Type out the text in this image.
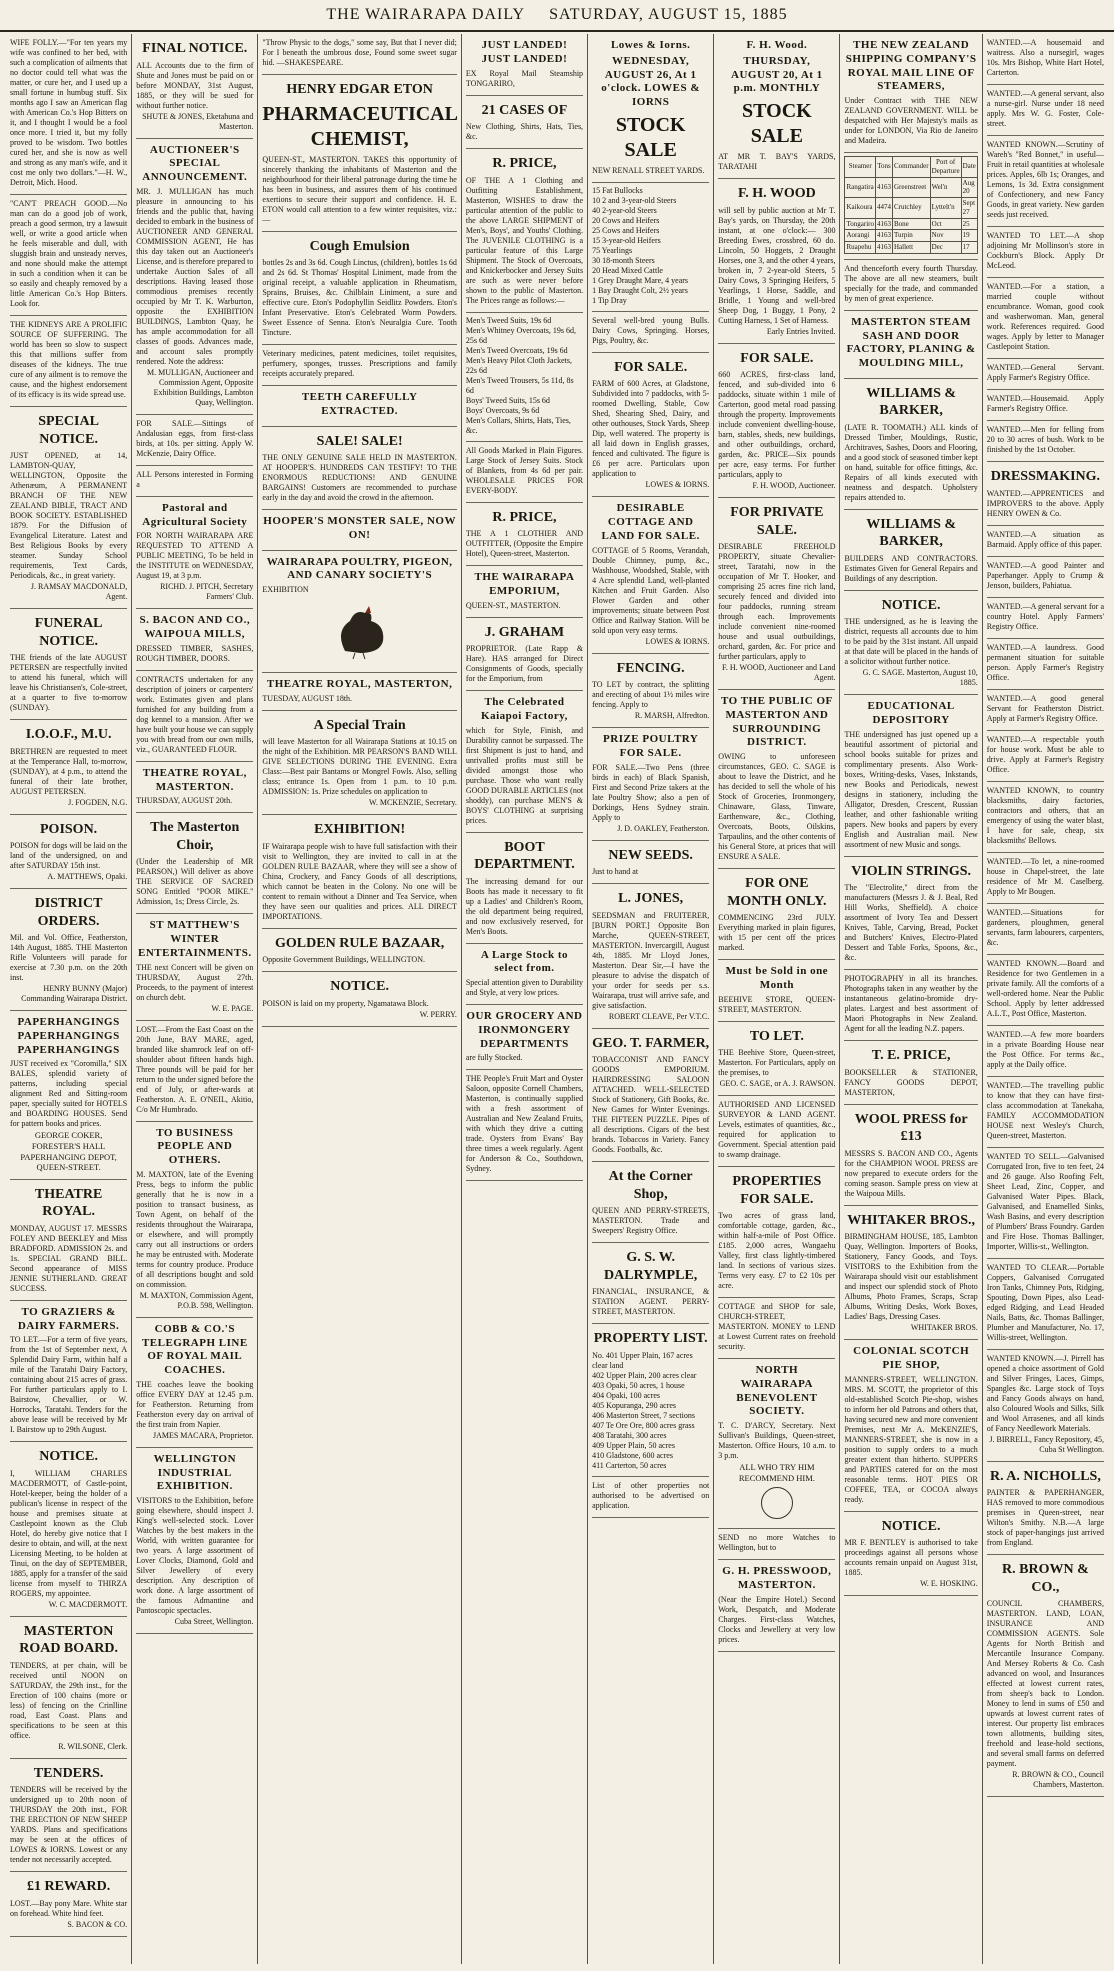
THE WAIRARAPA DAILY SATURDAY, AUGUST 15, 1885
WIFE FOLLY.—"For ten years my wife was confined to her bed, with such a complication of ailments that no doctor could tell what was the matter, or cure her, and I used up a small fortune in humbug stuff. Six months ago I saw an American flag with American Co.'s Hop Bitters on it, and I thought I would be a fool once more. I tried it, but my folly proved to be wisdom. Two bottles cured her, and she is now as well and strong as any man's wife, and it cost me only two dollars."—H. W., Detroit, Mich. Hood.
"CAN'T PREACH GOOD.—No man can do a good job of work, preach a good sermon, try a lawsuit well, or write a good article when he feels miserable and dull, with sluggish brain and unsteady nerves, and none should make the attempt in such a condition when it can be so easily and cheaply removed by a little American Co.'s Hop Bitters. Look for.
THE KIDNEYS ARE A PROLIFIC SOURCE OF SUFFERING. The world has been so slow to suspect this that millions suffer from diseases of the kidneys. The true cure of any ailment is to remove the cause, and the highest endorsement of its efficacy is its wide spread use.
SPECIAL NOTICE.
JUST OPENED, at 14, LAMBTON-QUAY, WELLINGTON, Opposite the Athenæum, A PERMANENT BRANCH OF THE NEW ZEALAND BIBLE, TRACT AND BOOK SOCIETY. ESTABLISHED 1879. For the Diffusion of Evangelical Literature. Latest and Best Religious Books by every steamer. Sunday School requirements, Text Cards, Periodicals, &c., in great variety.
J. RAMSAY MACDONALD, Agent.
FUNERAL NOTICE.
THE friends of the late AUGUST PETERSEN are respectfully invited to attend his funeral, which will leave his Christiansen's, Cole-street, at a quarter to five to-morrow (SUNDAY).
I.O.O.F., M.U.
BRETHREN are requested to meet at the Temperance Hall, to-morrow, (SUNDAY), at 4 p.m., to attend the funeral of their late brother, AUGUST PETERSEN.
J. FOGDEN, N.G.
POISON.
POISON for dogs will be laid on the land of the undersigned, on and after SATURDAY 15th inst.
A. MATTHEWS, Opaki.
DISTRICT ORDERS.
Mil. and Vol. Office, Featherston, 14th August, 1885. THE Masterton Rifle Volunteers will parade for exercise at 7.30 p.m. on the 20th inst.
HENRY BUNNY (Major) Commanding Wairarapa District.
PAPERHANGINGS PAPERHANGINGS PAPERHANGINGS
JUST received ex "Coromilla," SIX BALES, splendid variety of patterns, including special alignment Red and Sitting-room paper, specially suited for HOTELS and BOARDING HOUSES. Send for pattern books and prices.
GEORGE COKER, FORESTER'S HALL PAPERHANGING DEPOT, QUEEN-STREET.
THEATRE ROYAL.
MONDAY, AUGUST 17. MESSRS FOLEY AND BEEKLEY and Miss BRADFORD. ADMISSION 2s. and 1s. SPECIAL GRAND BILL. Second appearance of MISS JENNIE SUTHERLAND. GREAT SUCCESS.
TO GRAZIERS & DAIRY FARMERS.
TO LET.—For a term of five years, from the 1st of September next, A Splendid Dairy Farm, within half a mile of the Taratahi Dairy Factory, containing about 215 acres of grass. For further particulars apply to I. Bairstow, Chevallier, or W. Horrocks, Taratahi. Tenders for the above lease will be received by Mr I. Bairstow up to 29th August.
NOTICE.
I, WILLIAM CHARLES MACDERMOTT, of Castle-point, Hotel-keeper, being the holder of a publican's license in respect of the house and premises situate at Castlepoint known as the Club Hotel, do hereby give notice that I desire to obtain, and will, at the next Licensing Meeting, to be holden at Tinui, on the day of SEPTEMBER, 1885, apply for a transfer of the said license from myself to THIRZA ROGERS, my appointee.
W. C. MACDERMOTT.
MASTERTON ROAD BOARD.
TENDERS, at per chain, will be received until NOON on SATURDAY, the 29th inst., for the Erection of 100 chains (more or less) of fencing on the Crinlline road, East Coast. Plans and specifications to be seen at this office.
R. WILSONE, Clerk.
TENDERS.
TENDERS will be received by the undersigned up to 20th noon of THURSDAY the 20th inst., FOR THE ERECTION OF NEW SHEEP YARDS. Plans and specifications may be seen at the offices of LOWES & IORNS. Lowest or any tender not necessarily accepted.
£1 REWARD.
LOST.—Bay pony Mare. White star on forehead. White hind feet.
S. BACON & CO.
FINAL NOTICE.
ALL Accounts due to the firm of Shute and Jones must be paid on or before MONDAY, 31st August, 1885, or they will be sued for without further notice.
SHUTE & JONES, Eketahuna and Masterton.
AUCTIONEER'S SPECIAL ANNOUNCEMENT.
MR. J. MULLIGAN has much pleasure in announcing to his friends and the public that, having decided to embark in the business of AUCTIONEER AND GENERAL COMMISSION AGENT, He has this day taken out an Auctioneer's License, and is therefore prepared to undertake Auction Sales of all descriptions. Having leased those commodious premises recently occupied by Mr T. K. Warburton, opposite the EXHIBITION BUILDINGS, Lambton Quay, he has ample accommodation for all classes of goods. Advances made, and account sales promptly rendered. Note the address:
M. MULLIGAN, Auctioneer and Commission Agent, Opposite Exhibition Buildings, Lambton Quay, Wellington.
FOR SALE.—Sittings of Andalusian eggs, from first-class birds, at 10s. per sitting. Apply W. McKenzie, Dairy Office.
ALL Persons interested in Forming a
Pastoral and Agricultural Society
FOR NORTH WAIRARAPA ARE REQUESTED TO ATTEND A PUBLIC MEETING, To be held in the INSTITUTE on WEDNESDAY, August 19, at 3 p.m.
RICHD. J. PITCH, Secretary Farmers' Club.
S. BACON AND CO., WAIPOUA MILLS,
DRESSED TIMBER, SASHES, ROUGH TIMBER, DOORS.
CONTRACTS undertaken for any description of joiners or carpenters' work. Estimates given and plans furnished for any building from a dog kennel to a mansion. After we have built your house we can supply you with bread from our own mills, viz., GUARANTEED FLOUR.
THEATRE ROYAL, MASTERTON.
THURSDAY, AUGUST 20th.
The Masterton Choir,
(Under the Leadership of MR PEARSON,) Will deliver as above THE SERVICE OF SACRED SONG Entitled "POOR MIKE." Admission, 1s; Dress Circle, 2s.
ST MATTHEW'S WINTER ENTERTAINMENTS.
THE next Concert will be given on THURSDAY, August 27th. Proceeds, to the payment of interest on church debt.
W. E. PAGE.
LOST.—From the East Coast on the 20th June, BAY MARE, aged, branded like shamrock leaf on off-shoulder about fifteen hands high. Three pounds will be paid for her return to the under signed before the end of July, or after-wards at Featherston. A. E. O'NEIL, Akitio, C/o Mr Humbrado.
TO BUSINESS PEOPLE AND OTHERS.
M. MAXTON, late of the Evening Press, begs to inform the public generally that he is now in a position to transact business, as Town Agent, on behalf of the residents throughout the Wairarapa, or elsewhere, and will promptly carry out all instructions or orders he may be entrusted with. Moderate terms for country produce. Produce of all descriptions bought and sold on commission.
M. MAXTON, Commission Agent, P.O.B. 598, Wellington.
COBB & CO.'S TELEGRAPH LINE OF ROYAL MAIL COACHES.
THE coaches leave the booking office EVERY DAY at 12.45 p.m. for Featherston. Returning from Featherston every day on arrival of the first train from Napier.
JAMES MACARA, Proprietor.
WELLINGTON INDUSTRIAL EXHIBITION.
VISITORS to the Exhibition, before going elsewhere, should inspect J. King's well-selected stock. Lover Watches by the best makers in the World, with written guarantee for two years. A large assortment of Lover Clocks, Diamond, Gold and Silver Jewellery of every description. Any description of work done. A large assortment of the famous Admantine and Pantoscopic spectacles.
Cuba Street, Wellington.
"Throw Physic to the dogs," some say, But that I never did; For I beneath the umbrous dose, Found some sweet sugar hid. —SHAKESPEARE.
HENRY EDGAR ETON
PHARMACEUTICAL CHEMIST,
QUEEN-ST., MASTERTON. TAKES this opportunity of sincerely thanking the inhabitants of Masterton and the neighbourhood for their liberal patronage during the time he has been in business, and assures them of his continued exertions to secure their support and confidence. H. E. ETON would call attention to a few winter requisites, viz.:—
Cough Emulsion
bottles 2s and 3s 6d. Cough Linctus, (children), bottles 1s 6d and 2s 6d. St Thomas' Hospital Liniment, made from the original receipt, a valuable application in Rheumatism, Sprains, Bruises, &c. Chilblain Liniment, a sure and effective cure. Eton's Podophyllin Seidlitz Powders. Eton's Infant Preservative. Eton's Celebrated Worm Powders. Sweet Essence of Senna. Eton's Neuralgia Cure. Tooth Tincture.
Veterinary medicines, patent medicines, toilet requisites, perfumery, sponges, trusses. Prescriptions and family receipts accurately prepared.
TEETH CAREFULLY EXTRACTED.
SALE! SALE!
THE ONLY GENUINE SALE HELD IN MASTERTON. AT HOOPER'S. HUNDREDS CAN TESTIFY! TO THE ENORMOUS REDUCTIONS! AND GENUINE BARGAINS! Customers are recommended to purchase early in the day and avoid the crowd in the afternoon.
HOOPER'S MONSTER SALE, NOW ON!
WAIRARAPA POULTRY, PIGEON, AND CANARY SOCIETY'S
EXHIBITION
THEATRE ROYAL, MASTERTON,
TUESDAY, AUGUST 18th.
A Special Train
will leave Masterton for all Wairarapa Stations at 10.15 on the night of the Exhibition. MR PEARSON'S BAND WILL GIVE SELECTIONS DURING THE EVENING. Extra Class:—Best pair Bantams or Mongrel Fowls. Also, selling class; entrance 1s. Open from 1 p.m. to 10 p.m. ADMISSION: 1s. Prize schedules on application to
W. MCKENZIE, Secretary.
EXHIBITION!
IF Wairarapa people wish to have full satisfaction with their visit to Wellington, they are invited to call in at the GOLDEN RULE BAZAAR, where they will see a show of China, Crockery, and Fancy Goods of all descriptions, which cannot be beaten in the Colony. No one will be content to remain without a Dinner and Tea Service, when they have seen our qualities and prices. ALL DIRECT IMPORTATIONS.
GOLDEN RULE BAZAAR,
Opposite Government Buildings, WELLINGTON.
NOTICE.
POISON is laid on my property, Ngamatawa Block.
W. PERRY.
JUST LANDED! JUST LANDED!
EX Royal Mail Steamship TONGARIRO,
21 CASES OF
New Clothing, Shirts, Hats, Ties, &c.
R. PRICE,
OF THE A 1 Clothing and Outfitting Establishment, Masterton, WISHES to draw the particular attention of the public to the above LARGE SHIPMENT of Men's, Boys', and Youths' Clothing. The JUVENILE CLOTHING is a particular feature of this Large Shipment. The Stock of Overcoats, and Knickerbocker and Jersey Suits are such as were never before shown to the public of Masterton. The Prices range as follows:—
Men's Tweed Suits, 19s 6d
Men's Whitney Overcoats, 19s 6d, 25s 6d
Men's Tweed Overcoats, 19s 6d
Men's Heavy Pilot Cloth Jackets, 22s 6d
Men's Tweed Trousers, 5s 11d, 8s 6d
Boys' Tweed Suits, 15s 6d
Boys' Overcoats, 9s 6d
Men's Collars, Shirts, Hats, Ties, &c.
All Goods Marked in Plain Figures. Large Stock of Jersey Suits. Stock of Blankets, from 4s 6d per pair. WHOLESALE PRICES FOR EVERY-BODY.
R. PRICE,
THE A 1 CLOTHIER AND OUTFITTER, (Opposite the Empire Hotel), Queen-street, Masterton.
THE WAIRARAPA EMPORIUM,
QUEEN-ST., MASTERTON.
J. GRAHAM
PROPRIETOR. (Late Rapp & Hare). HAS arranged for Direct Consignments of Goods, specially for the Emporium, from
The Celebrated Kaiapoi Factory,
which for Style, Finish, and Durability cannot be surpassed. The first Shipment is just to hand, and unrivalled profits must still be divided amongst those who purchase. Those who want really GOOD DURABLE ARTICLES (not shoddy), can purchase MEN'S & BOYS' CLOTHING at surprising prices.
BOOT DEPARTMENT.
The increasing demand for our Boots has made it necessary to fit up a Ladies' and Children's Room, the old department being required, and now exclusively reserved, for Men's Boots.
A Large Stock to select from.
Special attention given to Durability and Style, at very low prices.
OUR GROCERY AND IRONMONGERY DEPARTMENTS
are fully Stocked.
THE People's Fruit Mart and Oyster Saloon, opposite Cornell Chambers, Masterton, is continually supplied with a fresh assortment of Australian and New Zealand Fruits, with which they drive a cutting trade. Oysters from Evans' Bay three times a week regularly. Agent for Anderson & Co., Southdown, Sydney.
Lowes & Iorns.
WEDNESDAY, AUGUST 26, At 1 o'clock. LOWES & IORNS
STOCK SALE
NEW RENALL STREET YARDS.
15 Fat Bullocks
10 2 and 3-year-old Steers
40 2-year-old Steers
20 Cows and Heifers
25 Cows and Heifers
15 3-year-old Heifers
75 Yearlings
30 18-month Steers
20 Head Mixed Cattle
1 Grey Draught Mare, 4 years
1 Bay Draught Colt, 2½ years
1 Tip Dray
Several well-bred young Bulls. Dairy Cows, Springing. Horses, Pigs, Poultry, &c.
FOR SALE.
FARM of 600 Acres, at Gladstone, Subdivided into 7 paddocks, with 5-roomed Dwelling, Stable, Cow Shed, Shearing Shed, Dairy, and other outhouses, Stock Yards, Sheep Dip, well watered. The property is all laid down in English grasses, fenced and cultivated. The figure is £6 per acre. Particulars upon application to
LOWES & IORNS.
DESIRABLE COTTAGE AND LAND FOR SALE.
COTTAGE of 5 Rooms, Verandah, Double Chimney, pump, &c., Washhouse, Woodshed, Stable, with 4 Acre splendid Land, well-planted Kitchen and Fruit Garden. Also Flower Garden and other improvements; situate between Post Office and Railway Station. Will be sold upon very easy terms.
LOWES & IORNS.
FENCING.
TO LET by contract, the splitting and erecting of about 1½ miles wire fencing. Apply to
R. MARSH, Alfredton.
PRIZE POULTRY FOR SALE.
FOR SALE.—Two Pens (three birds in each) of Black Spanish, First and Second Prize takers at the late Poultry Show; also a pen of Dorkings, Hens Sydney strain. Apply to
J. D. OAKLEY, Featherston.
NEW SEEDS.
Just to hand at
L. JONES,
SEEDSMAN and FRUITERER, [BURN PORT.] Opposite Bon Marche, QUEEN-STREET, MASTERTON. Invercargill, August 4th, 1885. Mr Lloyd Jones, Masterton. Dear Sir,—I have the pleasure to advise the dispatch of your order for seeds per s.s. Wairarapa, trust will arrive safe, and give satisfaction.
ROBERT CLEAVE, Per V.T.C.
GEO. T. FARMER,
TOBACCONIST AND FANCY GOODS EMPORIUM. HAIRDRESSING SALOON ATTACHED. WELL-SELECTED Stock of Stationery, Gift Books, &c. New Games for Winter Evenings. THE FIFTEEN PUZZLE. Pipes of all descriptions. Cigars of the best brands. Tobaccos in Variety. Fancy Goods. Footballs, &c.
At the Corner Shop,
QUEEN AND PERRY-STREETS, MASTERTON. Trade and Sweepers' Registry Office.
G. S. W. DALRYMPLE,
FINANCIAL, INSURANCE, & STATION AGENT. PERRY-STREET, MASTERTON.
PROPERTY LIST.
No. 401 Upper Plain, 167 acres clear land
402 Upper Plain, 200 acres clear
403 Opaki, 50 acres, 1 house
404 Opaki, 100 acres
405 Kopuranga, 290 acres
406 Masterton Street, 7 sections
407 Te Ore Ore, 800 acres grass
408 Taratahi, 300 acres
409 Upper Plain, 50 acres
410 Gladstone, 600 acres
411 Carterton, 50 acres
List of other properties not authorised to be advertised on application.
F. H. Wood.
THURSDAY, AUGUST 20, At 1 p.m. MONTHLY
STOCK SALE
AT MR T. BAY'S YARDS, TARATAHI
F. H. WOOD
will sell by public auction at Mr T. Bay's yards, on Thursday, the 20th instant, at one o'clock:— 300 Breeding Ewes, crossbred, 60 do. Lincoln, 50 Hoggets, 2 Draught Horses, one 3, and the other 4 years, broken in, 7 2-year-old Steers, 5 Dairy Cows, 3 Springing Heifers, 5 Yearlings, 1 Horse, Saddle, and Bridle, 1 Young and well-bred Sheep Dog, 1 Buggy, 1 Pony, 2 Cutting Harness, 1 Set of Harness.
Early Entries Invited.
FOR SALE.
660 ACRES, first-class land, fenced, and sub-divided into 6 paddocks, situate within 1 mile of Carterton, good metal road passing through the property. Improvements include convenient dwelling-house, barn, stables, sheds, new buildings, and other outbuildings, orchard, garden, &c. PRICE—Six pounds per acre, easy terms. For further particulars, apply to
F. H. WOOD, Auctioneer.
FOR PRIVATE SALE.
DESIRABLE FREEHOLD PROPERTY, situate Chevalier-street, Taratahi, now in the occupation of Mr T. Hooker, and comprising 25 acres fine rich land, securely fenced and divided into four paddocks, running stream through each. Improvements include convenient nine-roomed house and usual outbuildings, orchard, garden, &c. For price and further particulars, apply to
F. H. WOOD, Auctioneer and Land Agent.
TO THE PUBLIC OF MASTERTON AND SURROUNDING DISTRICT.
OWING to unforeseen circumstances, GEO. C. SAGE is about to leave the District, and he has decided to sell the whole of his Stock of Groceries, Ironmongery, Chinaware, Glass, Tinware, Earthenware, &c., Clothing, Overcoats, Boots, Oilskins, Tarpaulins, and the other contents of his General Store, at prices that will ENSURE A SALE.
FOR ONE MONTH ONLY.
COMMENCING 23rd JULY. Everything marked in plain figures, with 15 per cent off the prices marked.
Must be Sold in one Month
BEEHIVE STORE, QUEEN-STREET, MASTERTON.
TO LET.
THE Beehive Store, Queen-street, Masterton. For Particulars, apply on the premises, to
GEO. C. SAGE, or A. J. RAWSON.
AUTHORISED AND LICENSED SURVEYOR & LAND AGENT. Levels, estimates of quantities, &c., required for application to Government. Special attention paid to swamp drainage.
PROPERTIES FOR SALE.
Two acres of grass land, comfortable cottage, garden, &c., within half-a-mile of Post Office. £185. 2,000 acres, Wangaehu Valley, first class lightly-timbered land. In sections of various sizes. Terms very easy. £7 to £2 10s per acre.
COTTAGE and SHOP for sale, CHURCH-STREET, MASTERTON. MONEY to LEND at Lowest Current rates on freehold security.
NORTH WAIRARAPA BENEVOLENT SOCIETY.
T. C. D'ARCY, Secretary. Next Sullivan's Buildings, Queen-street, Masterton. Office Hours, 10 a.m. to 3 p.m.
ALL WHO TRY HIM RECOMMEND HIM.
SEND no more Watches to Wellington, but to
G. H. PRESSWOOD, MASTERTON.
(Near the Empire Hotel.) Second Work, Despatch, and Moderate Charges. First-class Watches, Clocks and Jewellery at very low prices.
THE NEW ZEALAND SHIPPING COMPANY'S ROYAL MAIL LINE OF STEAMERS,
Under Contract with THE NEW ZEALAND GOVERNMENT. WILL be despatched with Her Majesty's mails as under for LONDON, Via Rio de Janeiro and Madeira.
Steamer	Tons	Commander	Port of Departure	Date
Rangatira	4163	Greenstreet	Wel'n	Aug 20
Kaikoura	4474	Crutchley	Lyttelt'n	Sept 27
Tongariro	4163	Bone	Oct	25
Aorangi	4163	Turpin	Nov	19
Ruapehu	4163	Hallett	Dec	17
And thenceforth every fourth Thursday. The above are all new steamers, built specially for the trade, and commanded by men of great experience.
MASTERTON STEAM SASH AND DOOR FACTORY, PLANING & MOULDING MILL,
WILLIAMS & BARKER,
(LATE R. TOOMATH.) ALL kinds of Dressed Timber, Mouldings, Rustic, Architraves, Sashes, Doors and Flooring, and a good stock of seasoned timber kept on hand, suitable for office fittings, &c. Repairs of all kinds executed with neatness and despatch. Upholstery repairs attended to.
WILLIAMS & BARKER,
BUILDERS AND CONTRACTORS. Estimates Given for General Repairs and Buildings of any description.
NOTICE.
THE undersigned, as he is leaving the district, requests all accounts due to him to be paid by the 31st instant. All unpaid at that date will be placed in the hands of a solicitor without further notice.
G. C. SAGE. Masterton, August 10, 1885.
EDUCATIONAL DEPOSITORY
THE undersigned has just opened up a beautiful assortment of pictorial and school books suitable for prizes and complimentary presents. Also Work-boxes, Writing-desks, Vases, Inkstands, new Books and Periodicals, newest designs in stationery, including the Alligator, Dresden, Crescent, Russian leather, and other fashionable writing papers. New books and papers by every English and Australian mail. New assortment of new Music and songs.
VIOLIN STRINGS.
The "Electrolite," direct from the manufacturers (Messrs J. & J. Beal, Red Hill Works, Sheffield). A choice assortment of Ivory Tea and Dessert Knives, Table, Carving, Bread, Pocket and Butchers' Knives, Electro-Plated Dessert and Table Forks, Spoons, &c., &c.
PHOTOGRAPHY in all its branches. Photographs taken in any weather by the instantaneous gelatino-bromide dry-plates. Largest and best assortment of Maori Photographs in New Zealand. Agent for all the leading N.Z. papers.
T. E. PRICE,
BOOKSELLER & STATIONER, FANCY GOODS DEPOT, MASTERTON,
WOOL PRESS for £13
MESSRS S. BACON AND CO., Agents for the CHAMPION WOOL PRESS are now prepared to execute orders for the coming season. Sample press on view at the Waipoua Mills.
WHITAKER BROS.,
BIRMINGHAM HOUSE, 185, Lambton Quay, Wellington. Importers of Books, Stationery, Fancy Goods, and Toys. VISITORS to the Exhibition from the Wairarapa should visit our establishment and inspect our splendid stock of Photo Albums, Photo Frames, Scraps, Scrap Albums, Writing Desks, Work Boxes, Ladies' Bags, Dressing Cases.
WHITAKER BROS.
COLONIAL SCOTCH PIE SHOP,
MANNERS-STREET, WELLINGTON. MRS. M. SCOTT, the proprietor of this old-established Scotch Pie-shop, wishes to inform her old Patrons and others that, having secured new and more convenient Premises, next Mr A. McKENZIE'S, MANNERS-STREET, she is now in a position to supply orders to a much greater extent than hitherto. SUPPERS and PARTIES catered for on the most reasonable terms. HOT PIES OR COFFEE, TEA, or COCOA always ready.
NOTICE.
MR F. BENTLEY is authorised to take proceedings against all persons whose accounts remain unpaid on August 31st, 1885.
W. E. HOSKING.
WANTED.—A housemaid and waitress. Also a nursegirl, wages 10s. Mrs Bishop, White Hart Hotel, Carterton.
WANTED.—A general servant, also a nurse-girl. Nurse under 18 need apply. Mrs W. G. Foster, Cole-street.
WANTED KNOWN.—Scrutiny of Wareh's "Red Bonnet," in useful—Fruit in retail quantities at wholesale prices. Apples, 6lb 1s; Oranges, and Lemons, 1s 3d. Extra consignment of Confectionery, and new Fancy Goods, in great variety. New garden seeds just received.
WANTED TO LET.—A shop adjoining Mr Mollinson's store in Cockburn's Block. Apply Dr McLeod.
WANTED.—For a station, a married couple without encumbrance. Woman, good cook and washerwoman. Man, general work. References required. Good wages. Apply by letter to Manager Castlepoint Station.
WANTED.—General Servant. Apply Farmer's Registry Office.
WANTED.—Housemaid. Apply Farmer's Registry Office.
WANTED.—Men for felling from 20 to 30 acres of bush. Work to be finished by the 1st October.
DRESSMAKING.
WANTED.—APPRENTICES and IMPROVERS to the above. Apply HENRY OWEN & Co.
WANTED.—A situation as Barmaid. Apply office of this paper.
WANTED.—A good Painter and Paperhanger. Apply to Crump & Jenson, builders, Pahiatua.
WANTED.—A general servant for a country Hotel. Apply Farmers' Registry Office.
WANTED.—A laundress. Good permanent situation for suitable person. Apply Farmer's Registry Office.
WANTED.—A good general Servant for Featherston District. Apply at Farmer's Registry Office.
WANTED.—A respectable youth for house work. Must be able to drive. Apply at Farmer's Registry Office.
WANTED KNOWN, to country blacksmiths, dairy factories, contractors and others, that an emergency of using the water blast, I have for sale, cheap, six blacksmiths' Bellows.
WANTED.—To let, a nine-roomed house in Chapel-street, the late residence of Mr M. Caselberg. Apply to Mr Bougen.
WANTED.—Situations for gardeners, ploughmen, general servants, farm labourers, carpenters, &c.
WANTED KNOWN.—Board and Residence for two Gentlemen in a private family. All the comforts of a well-ordered home. Near the Public School. Apply by letter addressed A.L.T., Post Office, Masterton.
WANTED.—A few more boarders in a private Boarding House near the Post Office. For terms &c., apply at the Daily office.
WANTED.—The travelling public to know that they can have first-class accommodation at Tanekaha, FAMILY ACCOMMODATION HOUSE next Wesley's Church, Queen-street, Masterton.
WANTED TO SELL.—Galvanised Corrugated Iron, five to ten feet, 24 and 26 gauge. Also Roofing Felt, Sheet Lead, Zinc, Copper, and Galvanised Water Pipes. Black, Galvanised, and Enamelled Sinks, Wash Basins, and every description of Plumbers' Brass Foundry. Garden and Fire Hose. Thomas Ballinger, Importer, Willis-st., Wellington.
WANTED TO CLEAR.—Portable Coppers, Galvanised Corrugated Iron Tanks, Chimney Pots, Ridging, Spouting, Down Pipes, also Lead-edged Ridging, and Lead Headed Nails, Batts, &c. Thomas Ballinger, Plumber and Manufacturer, No. 17, Willis-street, Wellington.
WANTED KNOWN.—J. Pirrell has opened a choice assortment of Gold and Silver Fringes, Laces, Gimps, Spangles &c. Large stock of Toys and Fancy Goods always on hand, also Coloured Wools and Silks, Silk and Wool Arrasenes, and all kinds of Fancy Needlework Materials.
J. BIRRELL, Fancy Repository, 45, Cuba St Wellington.
R. A. NICHOLLS,
PAINTER & PAPERHANGER, HAS removed to more commodious premises in Queen-street, near Wilton's Smithy. N.B.—A large stock of paper-hangings just arrived from England.
R. BROWN & CO.,
COUNCIL CHAMBERS, MASTERTON. LAND, LOAN, INSURANCE AND COMMISSION AGENTS. Sole Agents for North British and Mercantile Insurance Company. And Mersey Roberts & Co. Cash advanced on wool, and Insurances effected at lowest current rates, from sheep's back to London. Money to lend in sums of £50 and upwards at lowest current rates of interest. Our property list embraces town allotments, building sites, freehold and lease-hold sections, and several small farms on deferred payment.
R. BROWN & CO., Council Chambers, Masterton.
